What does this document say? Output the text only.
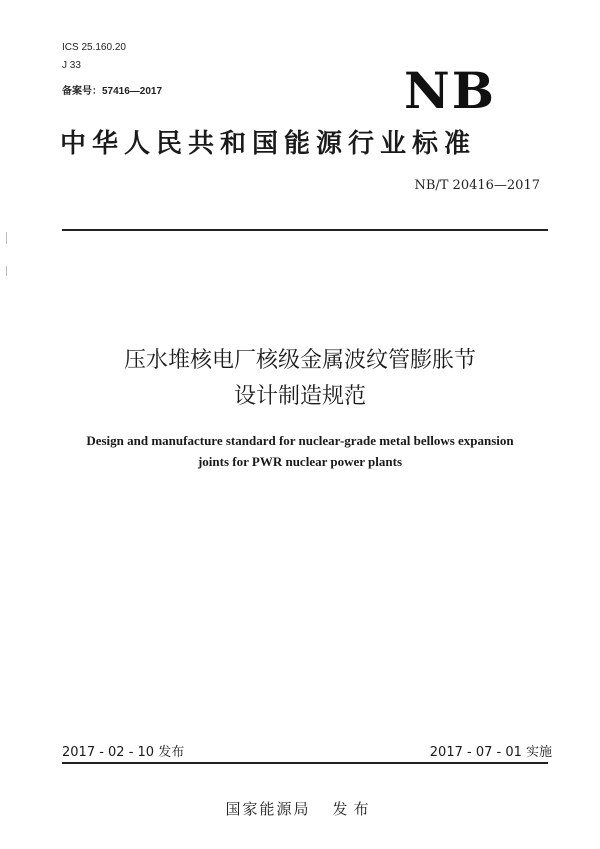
ICS 25.160.20
J 33
备案号：57416—2017	NB
中华人民共和国能源行业标准
NB/T 20416—2017
压水堆核电厂核级金属波纹管膨胀节
设计制造规范
Design and manufacture standard for nuclear-grade metal bellows expansion
joints for PWR nuclear power plants
2017 - 02 - 10 发布	2017 - 07 - 01 实施
国家能源局 发布
